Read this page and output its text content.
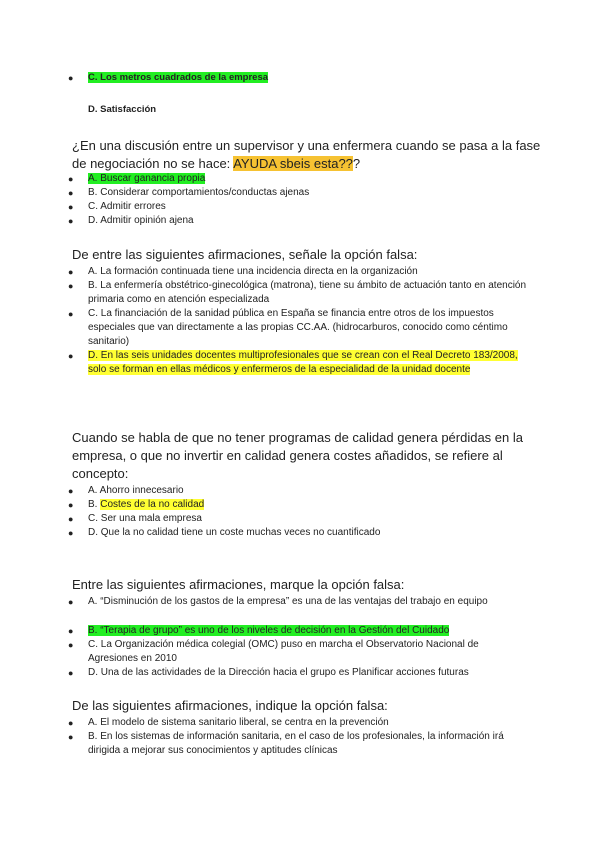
● C. Los metros cuadrados de la empresa
D. Satisfacción
¿En una discusión entre un supervisor y una enfermera cuando se pasa a la fase de negociación no se hace: AYUDA sbeis esta???
● A. Buscar ganancia propia
● B. Considerar comportamientos/conductas ajenas
● C. Admitir errores
● D. Admitir opinión ajena
De entre las siguientes afirmaciones, señale la opción falsa:
● A. La formación continuada tiene una incidencia directa en la organización
● B. La enfermería obstétrico-ginecológica (matrona), tiene su ámbito de actuación tanto en atención primaria como en atención especializada
● C. La financiación de la sanidad pública en España se financia entre otros de los impuestos especiales que van directamente a las propias CC.AA. (hidrocarburos, conocido como céntimo sanitario)
● D. En las seis unidades docentes multiprofesionales que se crean con el Real Decreto 183/2008, solo se forman en ellas médicos y enfermeros de la especialidad de la unidad docente
Cuando se habla de que no tener programas de calidad genera pérdidas en la empresa, o que no invertir en calidad genera costes añadidos, se refiere al concepto:
● A. Ahorro innecesario
● B. Costes de la no calidad
● C. Ser una mala empresa
● D. Que la no calidad tiene un coste muchas veces no cuantificado
Entre las siguientes afirmaciones, marque la opción falsa:
● A. “Disminución de los gastos de la empresa” es una de las ventajas del trabajo en equipo
● B. “Terapia de grupo” es uno de los niveles de decisión en la Gestión del Cuidado
● C. La Organización médica colegial (OMC) puso en marcha el Observatorio Nacional de Agresiones en 2010
● D. Una de las actividades de la Dirección hacia el grupo es Planificar acciones futuras
De las siguientes afirmaciones, indique la opción falsa:
● A. El modelo de sistema sanitario liberal, se centra en la prevención
● B. En los sistemas de información sanitaria, en el caso de los profesionales, la información irá dirigida a mejorar sus conocimientos y aptitudes clínicas
